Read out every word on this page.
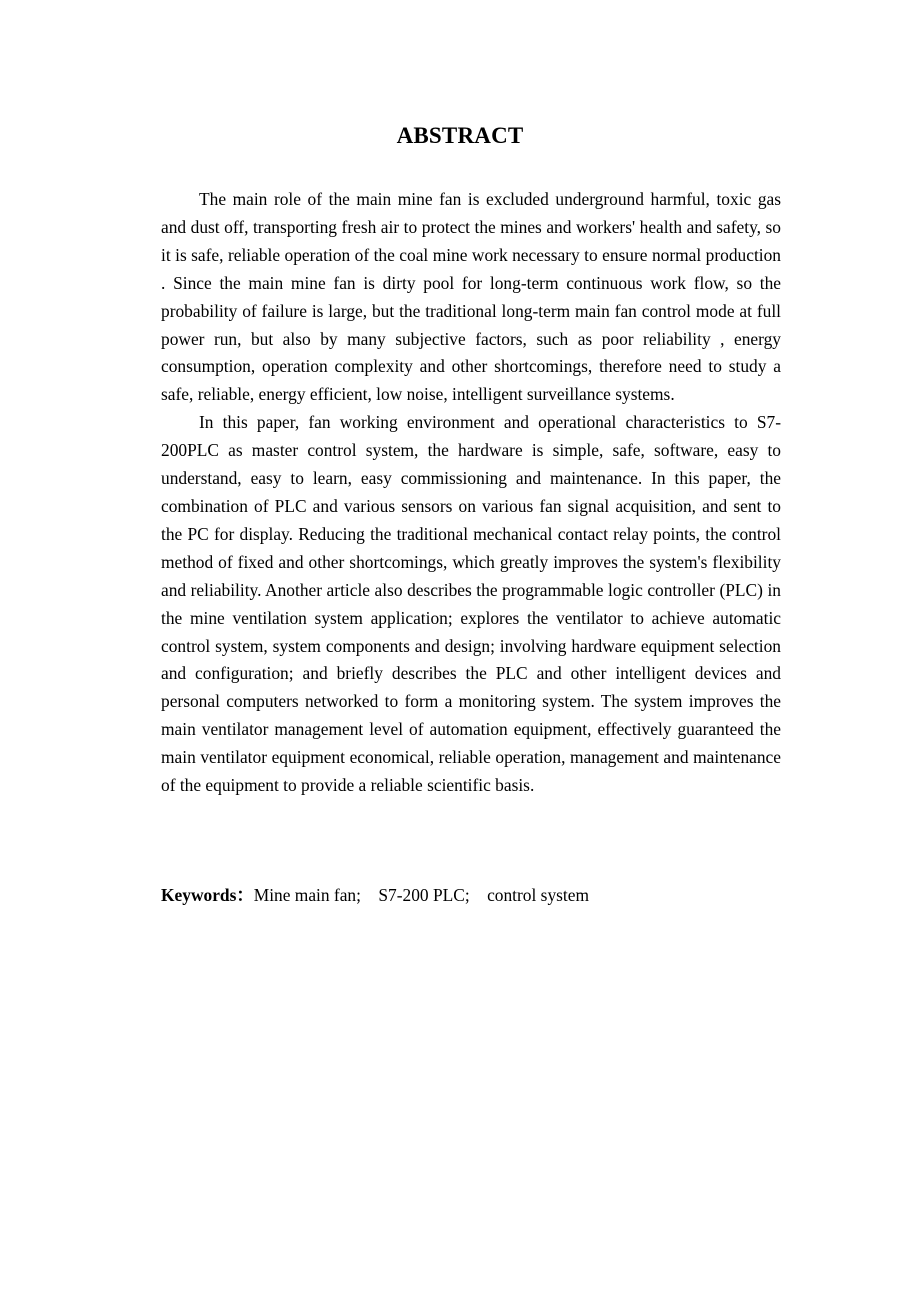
ABSTRACT

The main role of the main mine fan is excluded underground harmful, toxic gas and dust off, transporting fresh air to protect the mines and workers' health and safety, so it is safe, reliable operation of the coal mine work necessary to ensure normal production . Since the main mine fan is dirty pool for long-term continuous work flow, so the probability of failure is large, but the traditional long-term main fan control mode at full power run, but also by many subjective factors, such as poor reliability , energy consumption, operation complexity and other shortcomings, therefore need to study a safe, reliable, energy efficient, low noise, intelligent surveillance systems.

In this paper, fan working environment and operational characteristics to S7-200PLC as master control system, the hardware is simple, safe, software, easy to understand, easy to learn, easy commissioning and maintenance. In this paper, the combination of PLC and various sensors on various fan signal acquisition, and sent to the PC for display. Reducing the traditional mechanical contact relay points, the control method of fixed and other shortcomings, which greatly improves the system's flexibility and reliability. Another article also describes the programmable logic controller (PLC) in the mine ventilation system application; explores the ventilator to achieve automatic control system, system components and design; involving hardware equipment selection and configuration; and briefly describes the PLC and other intelligent devices and personal computers networked to form a monitoring system. The system improves the main ventilator management level of automation equipment, effectively guaranteed the main ventilator equipment economical, reliable operation, management and maintenance of the equipment to provide a reliable scientific basis.

Keywords：Mine main fan;    S7-200 PLC;    control system
